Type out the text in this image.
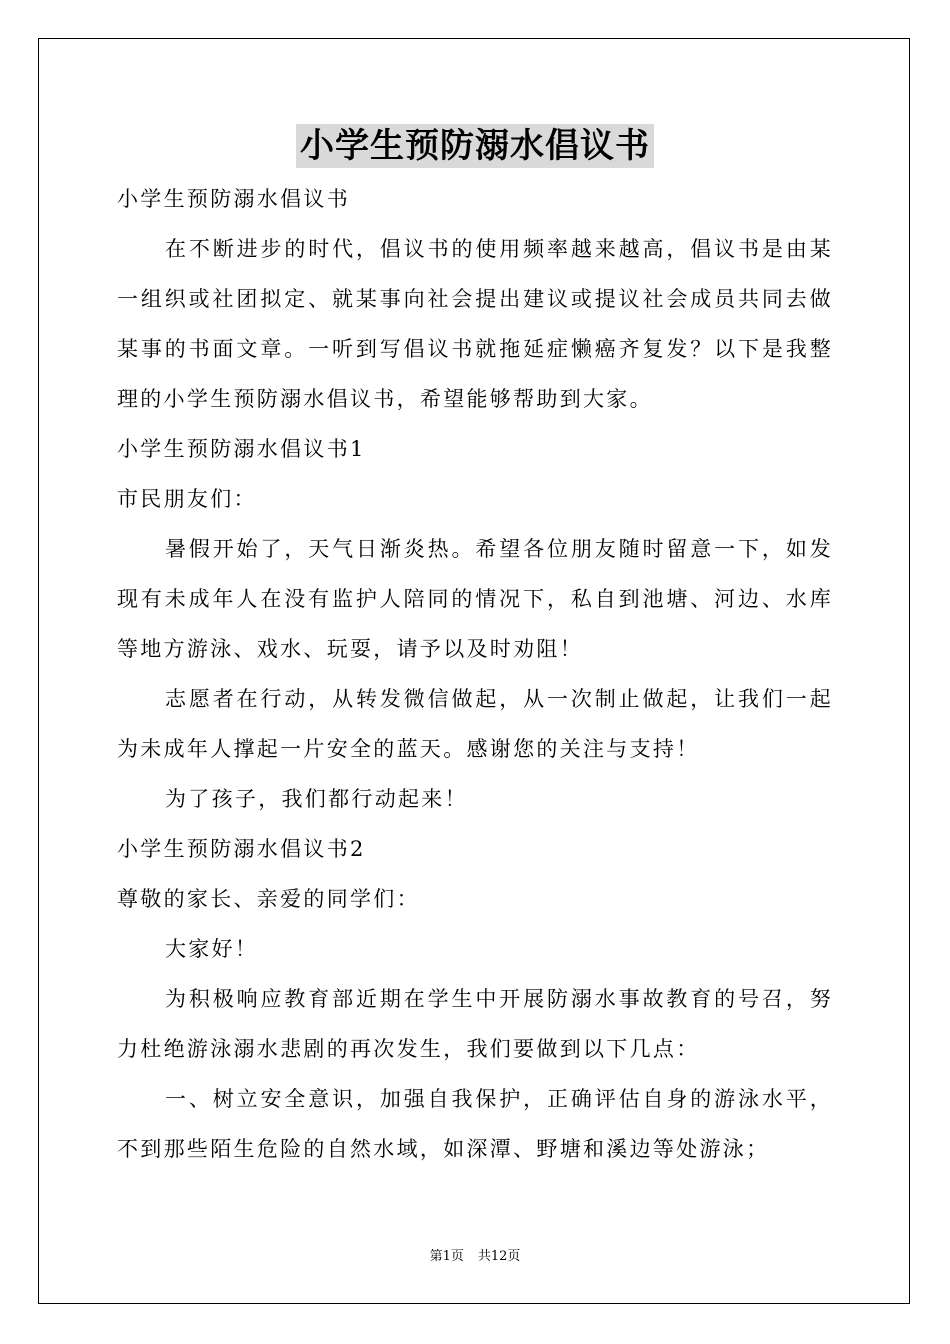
小学生预防溺水倡议书

小学生预防溺水倡议书

在不断进步的时代，倡议书的使用频率越来越高，倡议书是由某一组织或社团拟定、就某事向社会提出建议或提议社会成员共同去做某事的书面文章。一听到写倡议书就拖延症懒癌齐复发？以下是我整理的小学生预防溺水倡议书，希望能够帮助到大家。

小学生预防溺水倡议书1

市民朋友们：

暑假开始了，天气日渐炎热。希望各位朋友随时留意一下，如发现有未成年人在没有监护人陪同的情况下，私自到池塘、河边、水库等地方游泳、戏水、玩耍，请予以及时劝阻！

志愿者在行动，从转发微信做起，从一次制止做起，让我们一起为未成年人撑起一片安全的蓝天。感谢您的关注与支持！

为了孩子，我们都行动起来！

小学生预防溺水倡议书2

尊敬的家长、亲爱的同学们：

大家好！

为积极响应教育部近期在学生中开展防溺水事故教育的号召，努力杜绝游泳溺水悲剧的再次发生，我们要做到以下几点：

一、树立安全意识，加强自我保护，正确评估自身的游泳水平，不到那些陌生危险的自然水域，如深潭、野塘和溪边等处游泳；

第1页 共12页
